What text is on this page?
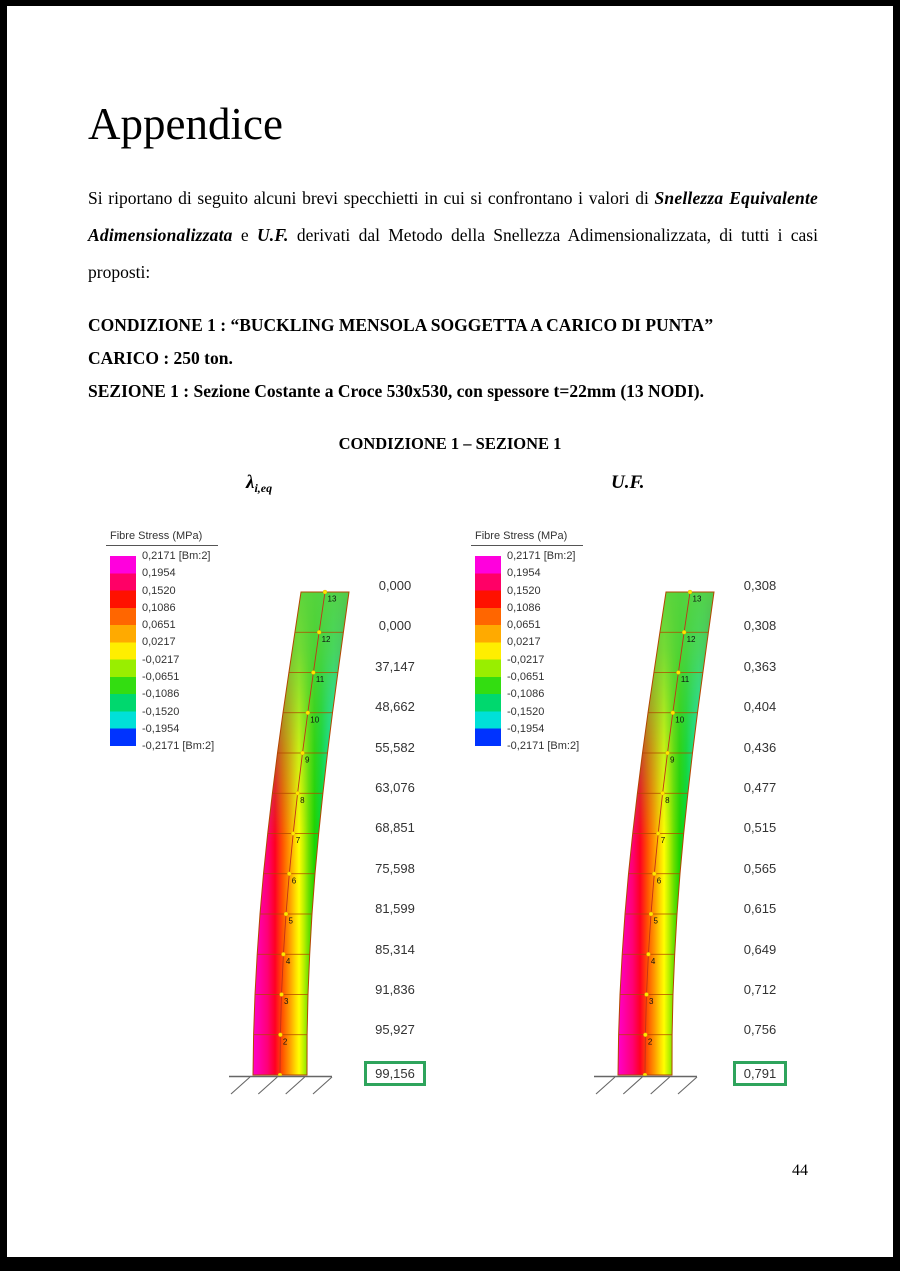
Appendice

Si riportano di seguito alcuni brevi specchietti in cui si confrontano i valori di Snellezza Equivalente Adimensionalizzata e U.F. derivati dal Metodo della Snellezza Adimensionalizzata, di tutti i casi proposti:

CONDIZIONE 1 : “BUCKLING MENSOLA SOGGETTA A CARICO DI PUNTA”
CARICO : 250 ton.
SEZIONE 1 : Sezione Costante a Croce 530x530, con spessore t=22mm (13 NODI).
CONDIZIONE 1 – SEZIONE 1
$\lambda_{i,eq}$
Fibre Stress (MPa)
0,2171 [Bm:2]
0,1954
0,1520
0,1086
0,0651
0,0217
-0,0217
-0,0651
-0,1086
-0,1520
-0,1954
-0,2171 [Bm:2]
13
12
11
10
9
8
7
6
5
4
3
2
0,000
0,000
37,147
48,662
55,582
63,076
68,851
75,598
81,599
85,314
91,836
95,927
99,156
U.F.
Fibre Stress (MPa)
0,2171 [Bm:2]
0,1954
0,1520
0,1086
0,0651
0,0217
-0,0217
-0,0651
-0,1086
-0,1520
-0,1954
-0,2171 [Bm:2]
13
12
11
10
9
8
7
6
5
4
3
2
0,308
0,308
0,363
0,404
0,436
0,477
0,515
0,565
0,615
0,649
0,712
0,756
0,791
44
